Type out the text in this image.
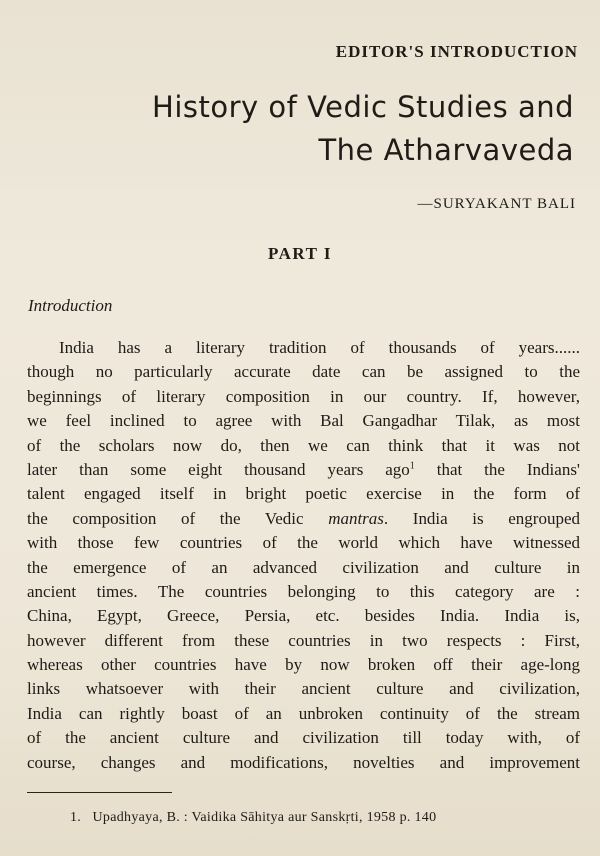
EDITOR'S INTRODUCTION
History of Vedic Studies and
The Atharvaveda
—SURYAKANT BALI
PART I
Introduction
India has a literary tradition of thousands of years......
though no particularly accurate date can be assigned to the
beginnings of literary composition in our country. If, however,
we feel inclined to agree with Bal Gangadhar Tilak, as most
of the scholars now do, then we can think that it was not
later than some eight thousand years ago$^1$ that the Indians'
talent engaged itself in bright poetic exercise in the form of
the composition of the Vedic mantras. India is engrouped
with those few countries of the world which have witnessed
the emergence of an advanced civilization and culture in
ancient times. The countries belonging to this category are :
China, Egypt, Greece, Persia, etc. besides India. India is,
however different from these countries in two respects : First,
whereas other countries have by now broken off their age-long
links whatsoever with their ancient culture and civilization,
India can rightly boast of an unbroken continuity of the stream
of the ancient culture and civilization till today with, of
course, changes and modifications, novelties and improvement
1. Upadhyaya, B. : Vaidika Sāhitya aur Sanskṛti, 1958 p. 140
